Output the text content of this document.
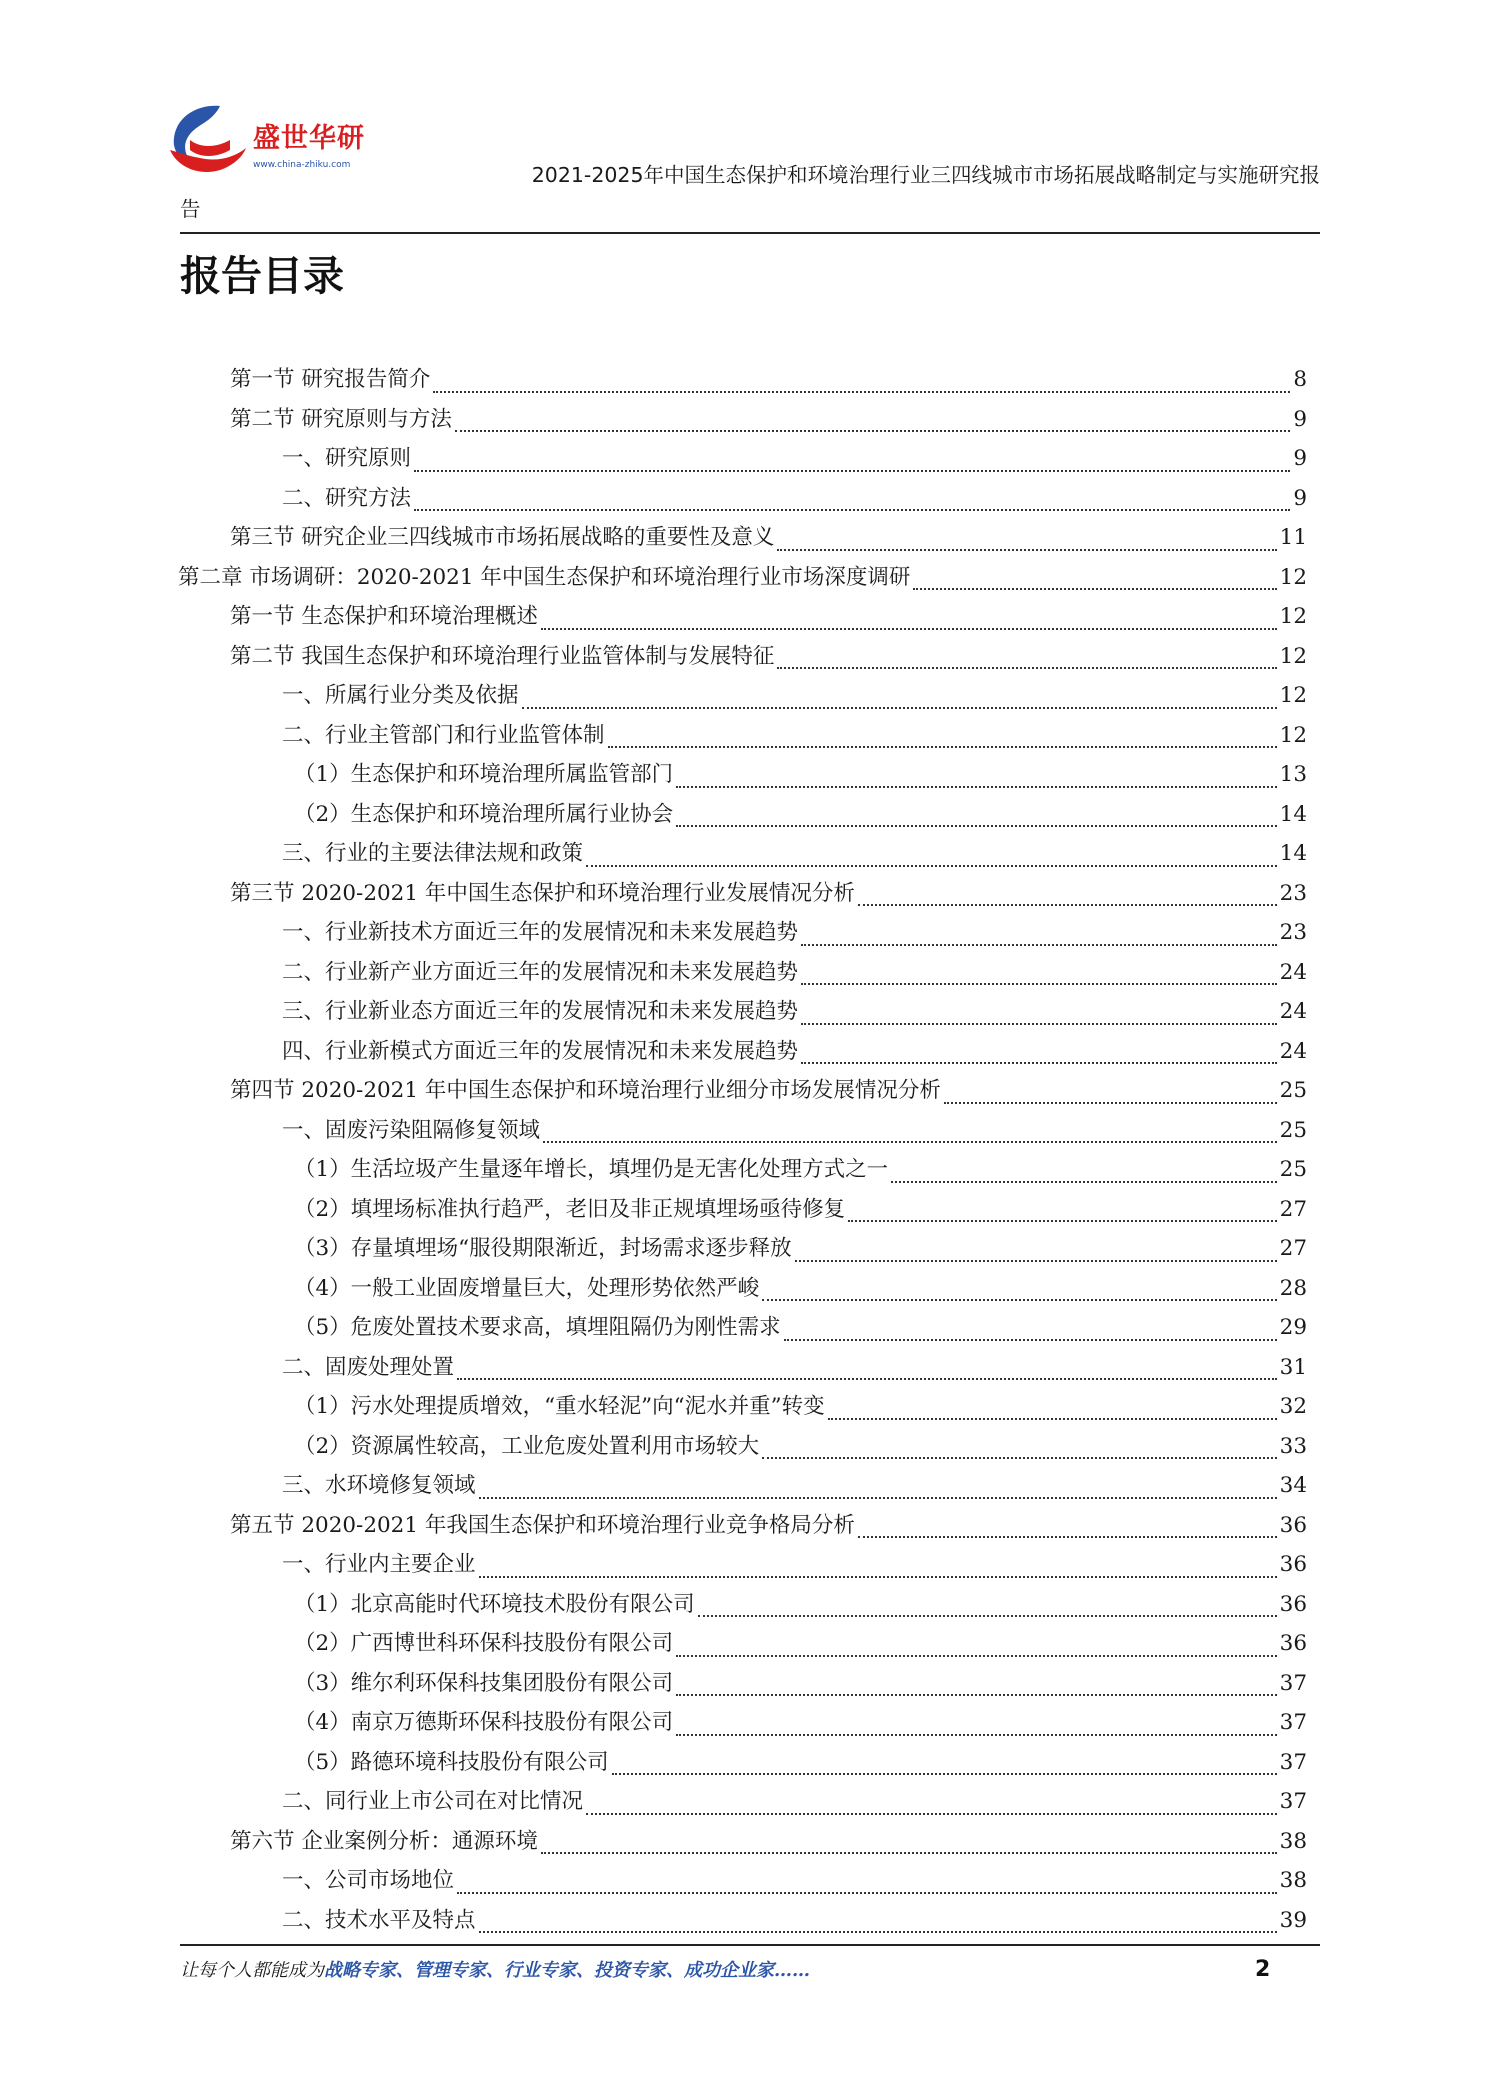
盛世华研
www.china-zhiku.com	2021-2025年中国生态保护和环境治理行业三四线城市市场拓展战略制定与实施研究报
告
报告目录
第一节 研究报告简介	8
第二节 研究原则与方法	9
一、研究原则	9
二、研究方法	9
第三节 研究企业三四线城市市场拓展战略的重要性及意义	11
第二章 市场调研：2020-2021 年中国生态保护和环境治理行业市场深度调研	12
第一节 生态保护和环境治理概述	12
第二节 我国生态保护和环境治理行业监管体制与发展特征	12
一、所属行业分类及依据	12
二、行业主管部门和行业监管体制	12
（1）生态保护和环境治理所属监管部门	13
（2）生态保护和环境治理所属行业协会	14
三、行业的主要法律法规和政策	14
第三节 2020-2021 年中国生态保护和环境治理行业发展情况分析	23
一、行业新技术方面近三年的发展情况和未来发展趋势	23
二、行业新产业方面近三年的发展情况和未来发展趋势	24
三、行业新业态方面近三年的发展情况和未来发展趋势	24
四、行业新模式方面近三年的发展情况和未来发展趋势	24
第四节 2020-2021 年中国生态保护和环境治理行业细分市场发展情况分析	25
一、固废污染阻隔修复领域	25
（1）生活垃圾产生量逐年增长，填埋仍是无害化处理方式之一	25
（2）填埋场标准执行趋严，老旧及非正规填埋场亟待修复	27
（3）存量填埋场“服役期限渐近，封场需求逐步释放	27
（4）一般工业固废增量巨大，处理形势依然严峻	28
（5）危废处置技术要求高，填埋阻隔仍为刚性需求	29
二、固废处理处置	31
（1）污水处理提质增效，“重水轻泥”向“泥水并重”转变	32
（2）资源属性较高，工业危废处置利用市场较大	33
三、水环境修复领域	34
第五节 2020-2021 年我国生态保护和环境治理行业竞争格局分析	36
一、行业内主要企业	36
（1）北京高能时代环境技术股份有限公司	36
（2）广西博世科环保科技股份有限公司	36
（3）维尔利环保科技集团股份有限公司	37
（4）南京万德斯环保科技股份有限公司	37
（5）路德环境科技股份有限公司	37
二、同行业上市公司在对比情况	37
第六节 企业案例分析：通源环境	38
一、公司市场地位	38
二、技术水平及特点	39
让每个人都能成为战略专家、管理专家、行业专家、投资专家、成功企业家……	2
